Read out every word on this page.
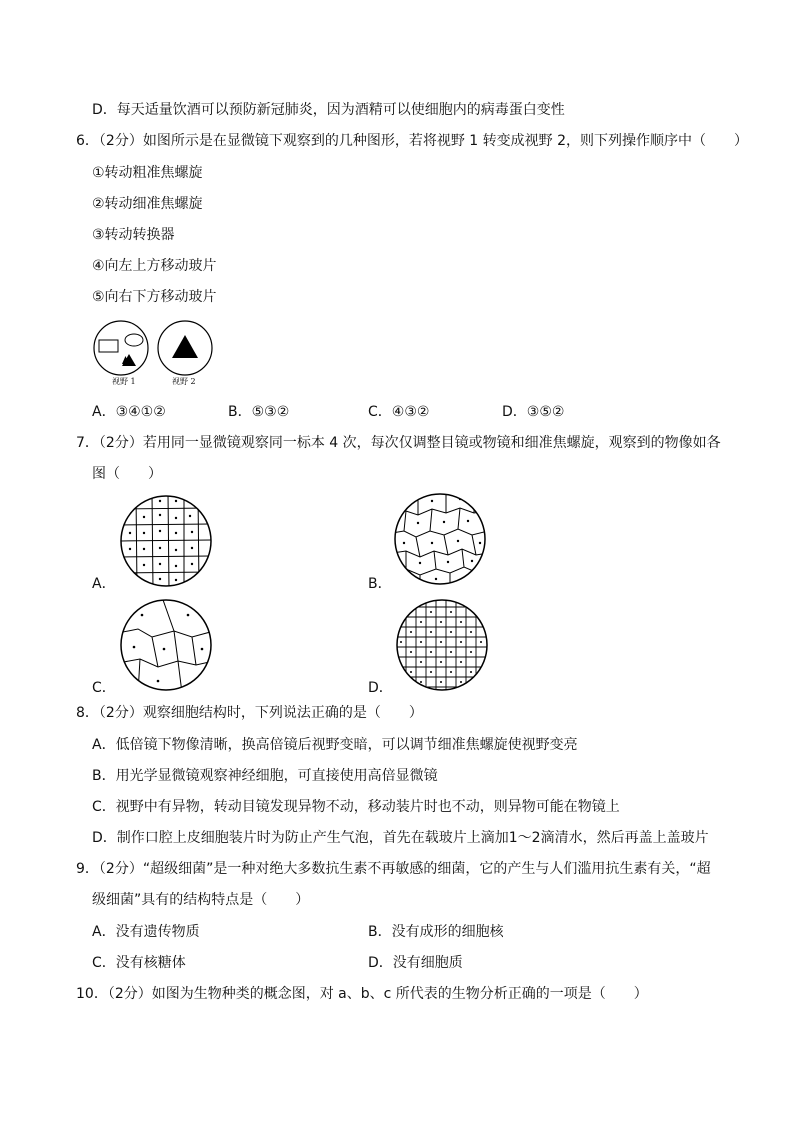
D．每天适量饮酒可以预防新冠肺炎，因为酒精可以使细胞内的病毒蛋白变性
6．（2分）如图所示是在显微镜下观察到的几种图形，若将视野 1 转变成视野 2，则下列操作顺序中（　　）
①转动粗准焦螺旋
②转动细准焦螺旋
③转动转换器
④向左上方移动玻片
⑤向右下方移动玻片
视野 1	视野 2
A．③④①②	B．⑤③②	C．④③②	D．③⑤②
7．（2分）若用同一显微镜观察同一标本 4 次，每次仅调整目镜或物镜和细准焦螺旋，观察到的物像如各
图（　　）
A．	B．
C．	D．
8．（2分）观察细胞结构时，下列说法正确的是（　　）
A．低倍镜下物像清晰，换高倍镜后视野变暗，可以调节细准焦螺旋使视野变亮
B．用光学显微镜观察神经细胞，可直接使用高倍显微镜
C．视野中有异物，转动目镜发现异物不动，移动装片时也不动，则异物可能在物镜上
D．制作口腔上皮细胞装片时为防止产生气泡，首先在载玻片上滴加1～2滴清水，然后再盖上盖玻片
9．（2分）“超级细菌”是一种对绝大多数抗生素不再敏感的细菌，它的产生与人们滥用抗生素有关，“超
级细菌”具有的结构特点是（　　）
A．没有遗传物质	B．没有成形的细胞核
C．没有核糖体	D．没有细胞质
10．（2分）如图为生物种类的概念图，对 a、b、c 所代表的生物分析正确的一项是（　　）
